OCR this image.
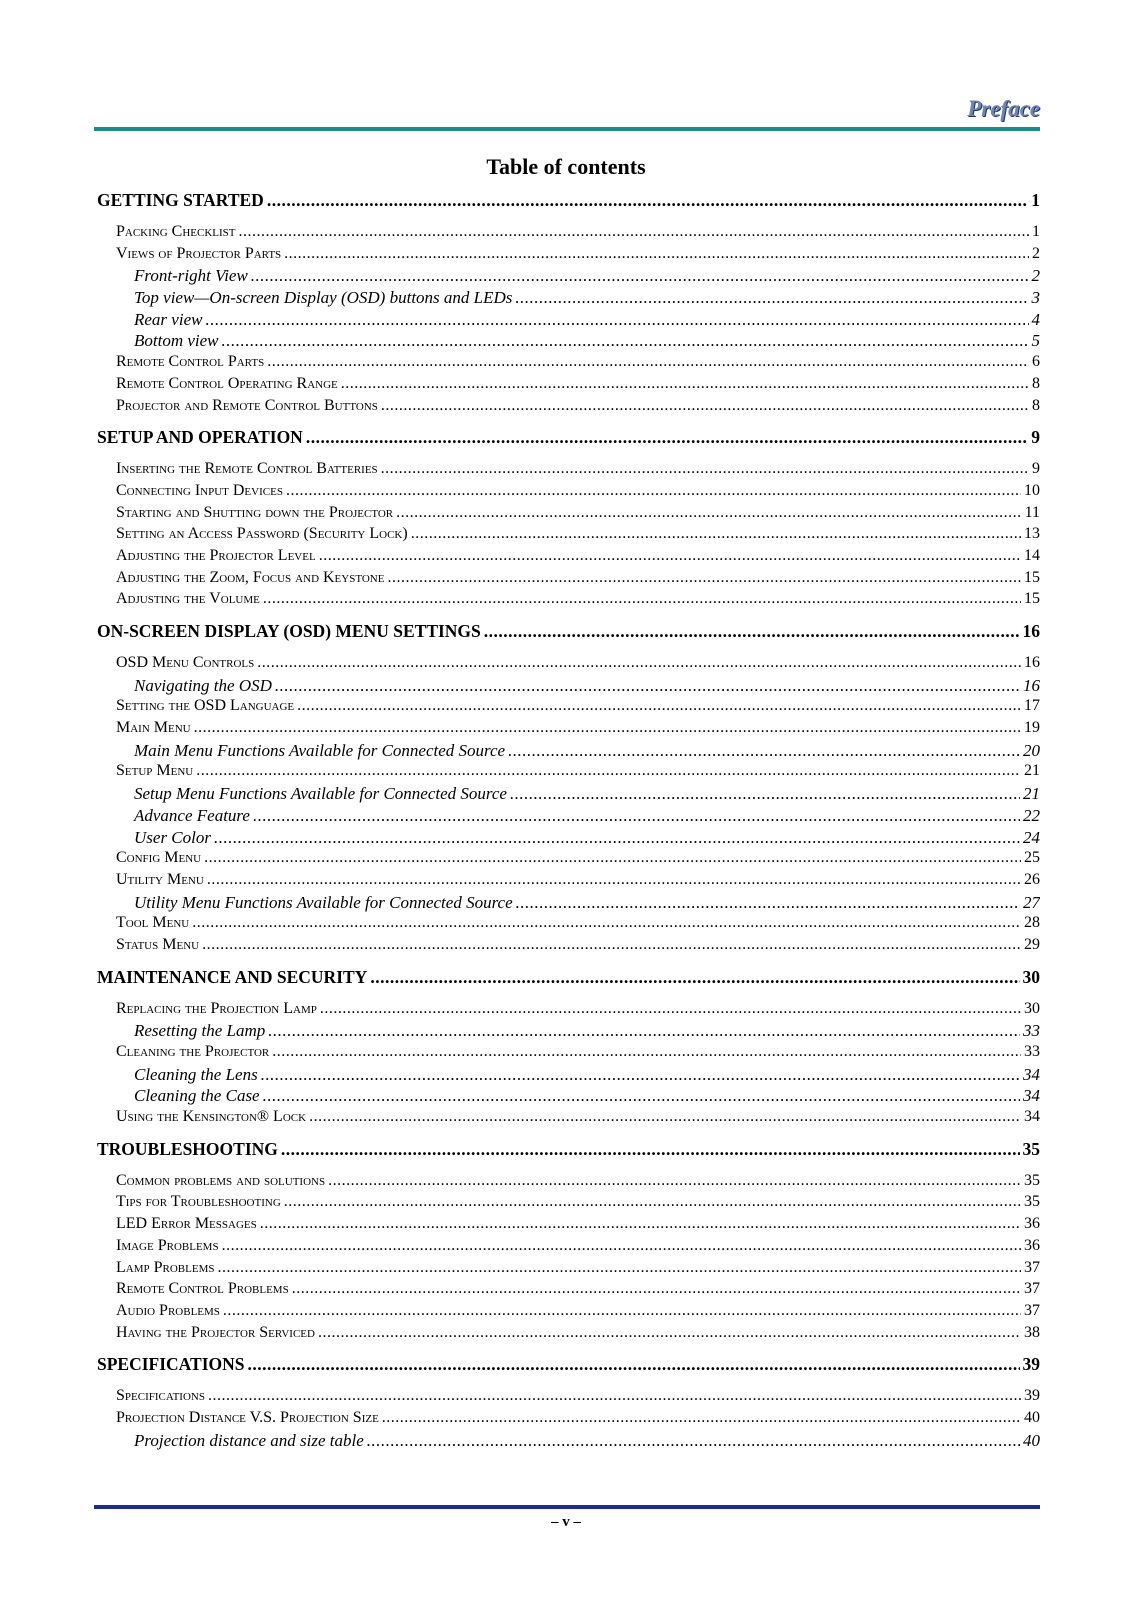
Preface
Table of contents
GETTING STARTED .....	1
Packing Checklist .....	1
Views of Projector Parts .....	2
Front-right View .....	2
Top view—On-screen Display (OSD) buttons and LEDs .....	3
Rear view .....	4
Bottom view .....	5
Remote Control Parts .....	6
Remote Control Operating Range .....	8
Projector and Remote Control Buttons .....	8
SETUP AND OPERATION .....	9
Inserting the Remote Control Batteries .....	9
Connecting Input Devices .....	10
Starting and Shutting down the Projector .....	11
Setting an Access Password (Security Lock) .....	13
Adjusting the Projector Level .....	14
Adjusting the Zoom, Focus and Keystone .....	15
Adjusting the Volume .....	15
ON-SCREEN DISPLAY (OSD) MENU SETTINGS .....	16
OSD Menu Controls .....	16
Navigating the OSD .....	16
Setting the OSD Language .....	17
Main Menu .....	19
Main Menu Functions Available for Connected Source .....	20
Setup Menu .....	21
Setup Menu Functions Available for Connected Source .....	21
Advance Feature .....	22
User Color .....	24
Config Menu .....	25
Utility Menu .....	26
Utility Menu Functions Available for Connected Source .....	27
Tool Menu .....	28
Status Menu .....	29
MAINTENANCE AND SECURITY .....	30
Replacing the Projection Lamp .....	30
Resetting the Lamp .....	33
Cleaning the Projector .....	33
Cleaning the Lens .....	34
Cleaning the Case .....	34
Using the Kensington® Lock .....	34
TROUBLESHOOTING .....	35
Common problems and solutions .....	35
Tips for Troubleshooting .....	35
LED Error Messages .....	36
Image Problems .....	36
Lamp Problems .....	37
Remote Control Problems .....	37
Audio Problems .....	37
Having the Projector Serviced .....	38
SPECIFICATIONS .....	39
Specifications .....	39
Projection Distance V.S. Projection Size .....	40
Projection distance and size table .....	40
– v –
